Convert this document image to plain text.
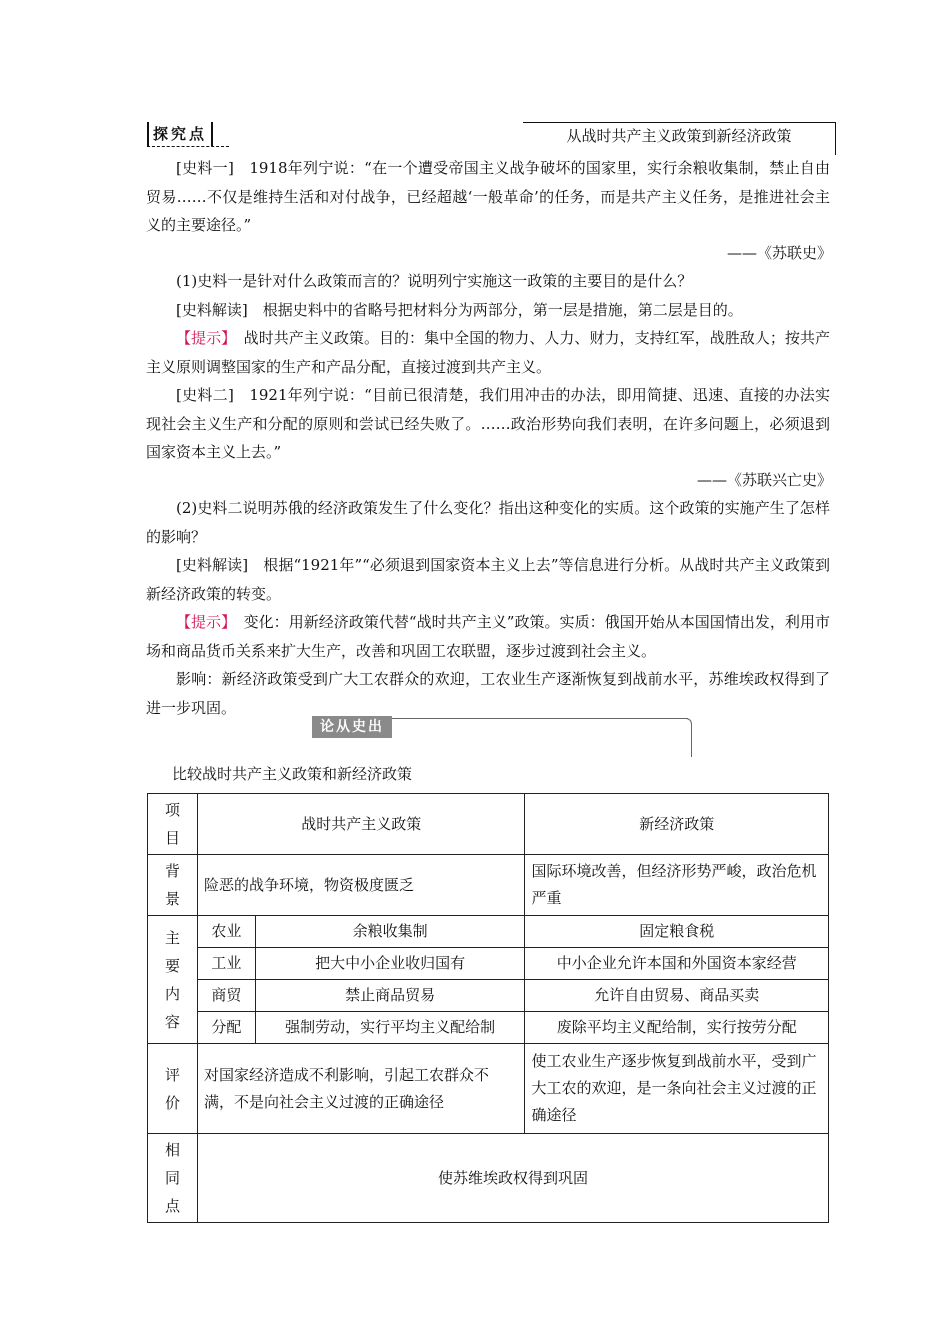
探究点	从战时共产主义政策到新经济政策
[史料一]　1918年列宁说：“在一个遭受帝国主义战争破坏的国家里，实行余粮收集制，禁止自由贸易……不仅是维持生活和对付战争，已经超越‘一般革命’的任务，而是共产主义任务，是推进社会主义的主要途径。”
——《苏联史》
(1)史料一是针对什么政策而言的？说明列宁实施这一政策的主要目的是什么？
[史料解读]　根据史料中的省略号把材料分为两部分，第一层是措施，第二层是目的。
【提示】　战时共产主义政策。目的：集中全国的物力、人力、财力，支持红军，战胜敌人；按共产主义原则调整国家的生产和产品分配，直接过渡到共产主义。
[史料二]　1921年列宁说：“目前已很清楚，我们用冲击的办法，即用简捷、迅速、直接的办法实现社会主义生产和分配的原则和尝试已经失败了。……政治形势向我们表明，在许多问题上，必须退到国家资本主义上去。”
——《苏联兴亡史》
(2)史料二说明苏俄的经济政策发生了什么变化？指出这种变化的实质。这个政策的实施产生了怎样的影响？
[史料解读]　根据“1921年”“必须退到国家资本主义上去”等信息进行分析。从战时共产主义政策到新经济政策的转变。
【提示】　变化：用新经济政策代替“战时共产主义”政策。实质：俄国开始从本国国情出发，利用市场和商品货币关系来扩大生产，改善和巩固工农联盟，逐步过渡到社会主义。
影响：新经济政策受到广大工农群众的欢迎，工农业生产逐渐恢复到战前水平，苏维埃政权得到了进一步巩固。
论从史出
比较战时共产主义政策和新经济政策
项
目	战时共产主义政策		新经济政策

背
景	险恶的战争环境，物资极度匮乏		国际环境改善，但经济形势严峻，政治危机严重

主
要
内
容	农业	余粮收集制	固定粮食税
	工业	把大中小企业收归国有	中小企业允许本国和外国资本家经营
	商贸	禁止商品贸易	允许自由贸易、商品买卖
	分配	强制劳动，实行平均主义配给制	废除平均主义配给制，实行按劳分配

评
价	对国家经济造成不利影响，引起工农群众不满，不是向社会主义过渡的正确途径		使工农业生产逐步恢复到战前水平，受到广大工农的欢迎，是一条向社会主义过渡的正确途径

相
同
点	使苏维埃政权得到巩固		
